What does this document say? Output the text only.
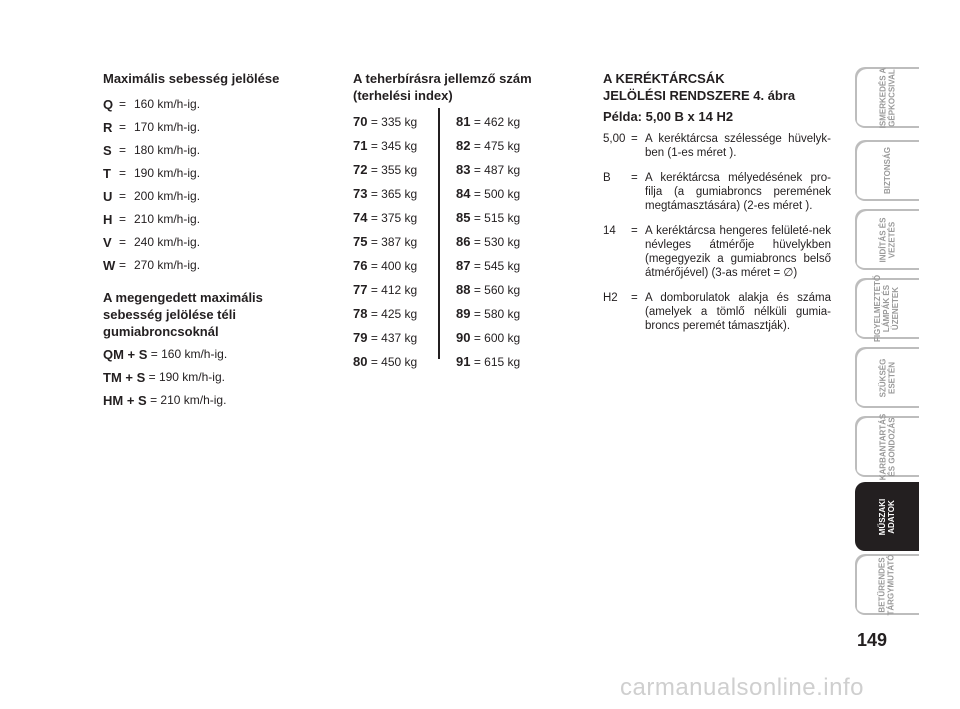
Maximális sebesség jelölése
Q = 160 km/h-ig.
R = 170 km/h-ig.
S = 180 km/h-ig.
T = 190 km/h-ig.
U = 200 km/h-ig.
H = 210 km/h-ig.
V = 240 km/h-ig.
W = 270 km/h-ig.
A megengedett maximális sebesség jelölése téli gumiabroncsoknál
QM + S
= 160 km/h-ig.
TM + S
= 190 km/h-ig.
HM + S
= 210 km/h-ig.
A teherbírásra jellemző szám (terhelési index)
70 = 335 kg	81 = 462 kg
71 = 345 kg	82 = 475 kg
72 = 355 kg	83 = 487 kg
73 = 365 kg	84 = 500 kg
74 = 375 kg	85 = 515 kg
75 = 387 kg	86 = 530 kg
76 = 400 kg	87 = 545 kg
77 = 412 kg	88 = 560 kg
78 = 425 kg	89 = 580 kg
79 = 437 kg	90 = 600 kg
80 = 450 kg	91 = 615 kg
A KERÉKTÁRCSÁK
JELÖLÉSI RENDSZERE 4. ábra
Példa: 5,00 B x 14 H2
5,00 = A keréktárcsa szélessége hüvelyk-ben (1-es méret ).
B	= A keréktárcsa mélyedésének pro-filja (a gumiabroncs peremének megtámasztására) (2-es méret ).
14	= A keréktárcsa hengeres felületé-nek névleges átmérője hüvelykben (megegyezik a gumiabroncs belső átmérőjével) (3-as méret = ∅)
H2	= A domborulatok alakja és száma (amelyek a tömlő nélküli gumia-broncs peremét támasztják).
ISMERKEDÉS A
GÉPKOCSIVAL
BIZTONSÁG
INDÍTÁS ÉS
VEZETÉS
FIGYELMEZTETŐ
LÁMPÁK ÉS
ÜZENETEK
SZÜKSÉG
ESETÉN
KARBANTARTÁS
ÉS GONDOZÁS
MŰSZAKI
ADATOK
BETŰRENDES
TÁRGYMUTATÓ
149
carmanualsonline.info
